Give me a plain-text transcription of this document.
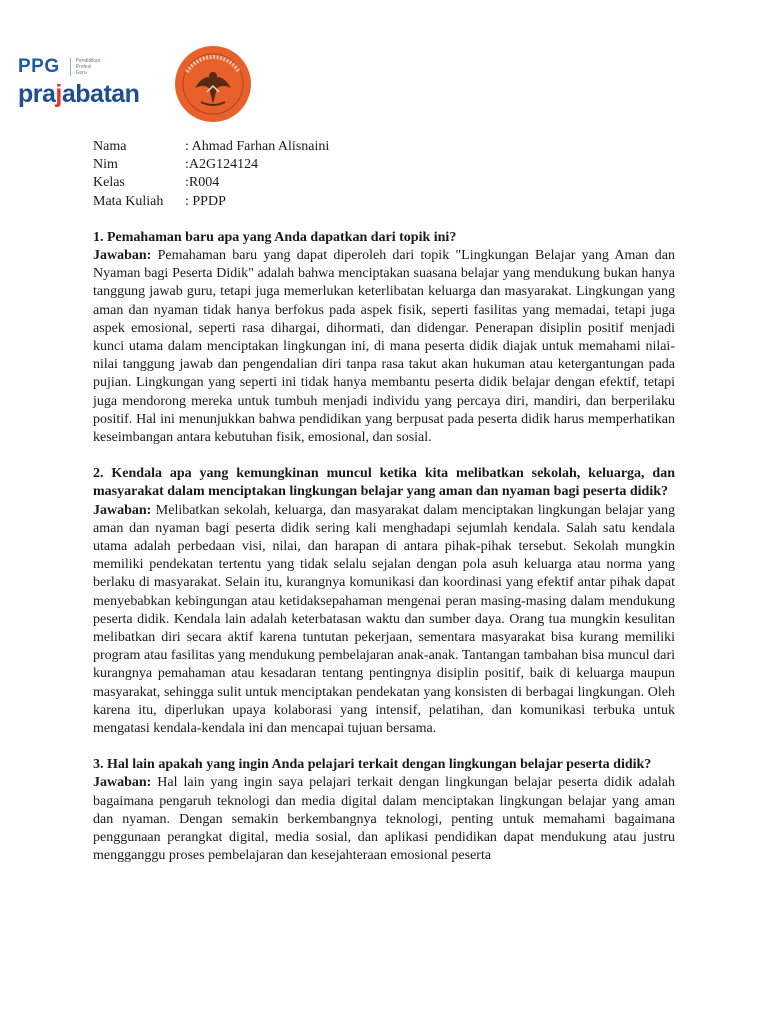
PPG	Pendidikan
Profesi
Guru
prajabatan
Nama	: Ahmad Farhan Alisnaini
Nim	:A2G124124
Kelas	:R004
Mata Kuliah	: PPDP
1. Pemahaman baru apa yang Anda dapatkan dari topik ini?
Jawaban: Pemahaman baru yang dapat diperoleh dari topik "Lingkungan Belajar yang Aman dan Nyaman bagi Peserta Didik" adalah bahwa menciptakan suasana belajar yang mendukung bukan hanya tanggung jawab guru, tetapi juga memerlukan keterlibatan keluarga dan masyarakat. Lingkungan yang aman dan nyaman tidak hanya berfokus pada aspek fisik, seperti fasilitas yang memadai, tetapi juga aspek emosional, seperti rasa dihargai, dihormati, dan didengar. Penerapan disiplin positif menjadi kunci utama dalam menciptakan lingkungan ini, di mana peserta didik diajak untuk memahami nilai-nilai tanggung jawab dan pengendalian diri tanpa rasa takut akan hukuman atau ketergantungan pada pujian. Lingkungan yang seperti ini tidak hanya membantu peserta didik belajar dengan efektif, tetapi juga mendorong mereka untuk tumbuh menjadi individu yang percaya diri, mandiri, dan berperilaku positif. Hal ini menunjukkan bahwa pendidikan yang berpusat pada peserta didik harus memperhatikan keseimbangan antara kebutuhan fisik, emosional, dan sosial.
2. Kendala apa yang kemungkinan muncul ketika kita melibatkan sekolah, keluarga, dan masyarakat dalam menciptakan lingkungan belajar yang aman dan nyaman bagi peserta didik?
Jawaban: Melibatkan sekolah, keluarga, dan masyarakat dalam menciptakan lingkungan belajar yang aman dan nyaman bagi peserta didik sering kali menghadapi sejumlah kendala. Salah satu kendala utama adalah perbedaan visi, nilai, dan harapan di antara pihak-pihak tersebut. Sekolah mungkin memiliki pendekatan tertentu yang tidak selalu sejalan dengan pola asuh keluarga atau norma yang berlaku di masyarakat. Selain itu, kurangnya komunikasi dan koordinasi yang efektif antar pihak dapat menyebabkan kebingungan atau ketidaksepahaman mengenai peran masing-masing dalam mendukung peserta didik. Kendala lain adalah keterbatasan waktu dan sumber daya. Orang tua mungkin kesulitan melibatkan diri secara aktif karena tuntutan pekerjaan, sementara masyarakat bisa kurang memiliki program atau fasilitas yang mendukung pembelajaran anak-anak. Tantangan tambahan bisa muncul dari kurangnya pemahaman atau kesadaran tentang pentingnya disiplin positif, baik di keluarga maupun masyarakat, sehingga sulit untuk menciptakan pendekatan yang konsisten di berbagai lingkungan. Oleh karena itu, diperlukan upaya kolaborasi yang intensif, pelatihan, dan komunikasi terbuka untuk mengatasi kendala-kendala ini dan mencapai tujuan bersama.
3. Hal lain apakah yang ingin Anda pelajari terkait dengan lingkungan belajar peserta didik?
Jawaban: Hal lain yang ingin saya pelajari terkait dengan lingkungan belajar peserta didik adalah bagaimana pengaruh teknologi dan media digital dalam menciptakan lingkungan belajar yang aman dan nyaman. Dengan semakin berkembangnya teknologi, penting untuk memahami bagaimana penggunaan perangkat digital, media sosial, dan aplikasi pendidikan dapat mendukung atau justru mengganggu proses pembelajaran dan kesejahteraan emosional peserta
